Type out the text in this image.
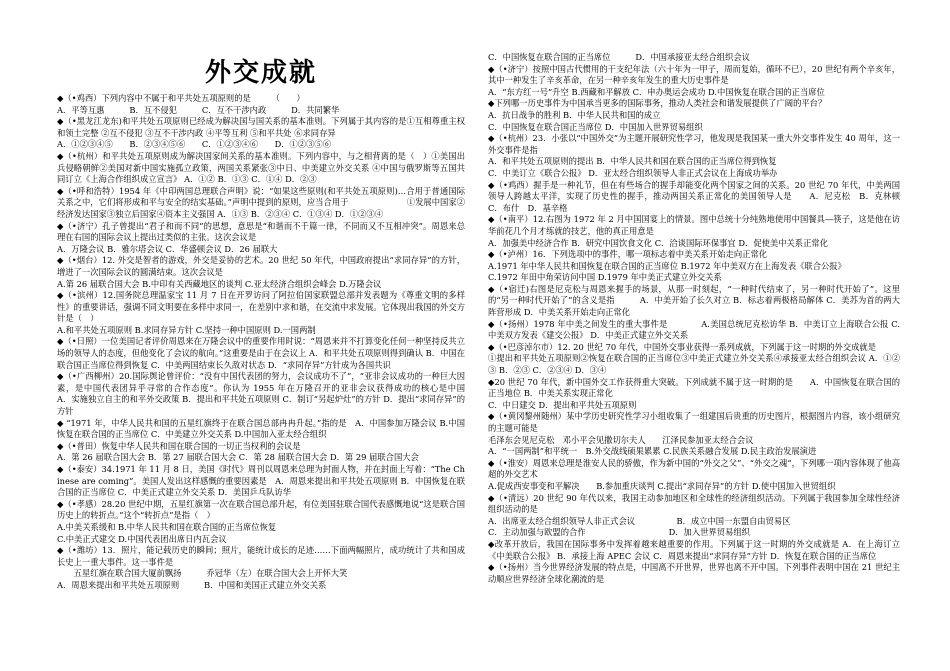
外交成就

◆（•鸡西）下列内容中不属于和平共处五项原则的是　　　（　　）

A．平等互惠　　　B．互不侵犯　　　C．互不干涉内政　　　D．共同繁华

◆（•黑龙江龙东)和平共处五项原则已经成为解决国与国关系的基本准则。下列属于其内容的是①互相尊重主权和领土完整 ②互不侵犯 ③互不干涉内政 ④平等互利 ⑤和平共处 ⑥求同存异

A．①②③④⑤　　B．②③④⑤⑥　　C．①②③④⑥　　D．①②③⑤⑥

◆（•杭州）和平共处五项原则成为解决国家间关系的基本准则。下列内容中，与之相背离的是（　）①美国出兵侵略朝鲜②美国对新中国实施孤立政策，两国关系紧张③中日、中美建立外交关系 ④中国与俄罗斯等五国共同订立《上海合作组织成立宣言》 A．①② B．①③ C．①④ D．②③

◆（•呼和浩特）1954 年《中印两国总理联合声明》说：“如果这些原则(和平共处五项原则)…合用于普通国际关系之中，它们将形成和平与安全的结实基础。”声明中提到的原则，应当合用于　　　　　　　①发展中国家②经济发达国家③独立后国家④资本主义强国 A．①③ B．②③④ C．①③④ D．①②③④

◆（•济宁）孔子曾提出“君子和而不同”的思想，意思是“和谐而不千篇一律，不同而又不互相冲突”。周恩来总理在右国的国际会议上提出过类似的主张。这次会议是

A．万隆会议 B．雅尔塔会议 C．华盛顿会议 D．26 届联大

◆（•烟台）12. 外交是智者的游戏，外交是妥协的艺术。20 世纪 50 年代，中国政府提出“求同存异”的方针，增进了一次国际会议的圆满结束。这次会议是

A.第 26 届联合国大会 B.中印有关西藏地区的谈判 C.亚太经济合组织会峰会 D.万隆会议

◆（•滨州）12.国务院总理温家宝 11 月 7 日在开罗访问了阿拉伯国家联盟总部并发表题为《尊重文明的多样性》的重要讲话，强调不同文明要在多样中求同一，在差别中求和谐，在交流中求发展。它体现出我国的外交方针是（　）

A.和平共处五项原则 B.求同存异方针 C.坚持一种中国原则 D.一国两制

◆（•日照）一位美国记者评价周恩来在万隆会议中的重要作用时说：“周恩来并不打算变化任何一种坚持反共立场的领导人的态度，但他变化了会议的航向。”这重要是由于在会议上 A．和平共处五项原则得到确认 B．中国在联合国正当席位得到恢复 C．中美两国结束长久敌对状态 D．“求同存异”方针成为各国共识

◆（•广西柳州）20.国际舆论曾评价：“没有中国代表团的努力，会议成功不了”，“亚非会议成功的一种巨大因素，是中国代表团异乎寻常的合作态度”。你认为 1955 年在万隆召开的亚非会议获得成功的核心是中国　　A．实施独立自主的和平外交政策 B．提出和平共处五项原则 C．制订“另起炉灶”的方针 D．提出“求同存异”的方针

◆ “1971 年，中华人民共和国的五星红旗终于在联合国总部冉冉升起。”指的是　A．中国参加万隆会议 B.中国恢复在联合国的正当席位 C．中美建立外交关系 D.中国加入亚太经合组织

◆（•普田）恢复中华人民共和国在联合国的一切正当权利的会议是

A．第 26 届联合国大会 B．第 27 届联合国大会 C．第 28 届联合国大会 D．第 29 届联合国大会

◆（•泰安）34.1971 年 11 月 8 日，美国《时代》周刊以周恩来总理为封面人物，并在封面上写着：“The Chinese are coming”。美国人发出这样感慨的重要因素是　A．周恩来提出和平共处五项原则 B．中国恢复在联合国的正当席位 C．中美正式建立外交关系 D．美国乒乓队访华

◆（•孝感）28.20 世纪中期，五星红旗第一次在联合国总部升起，有位美国驻联合国代表感慨地说“这是联合国历史上的转折点。”这个“转折点”是指（　）

A.中美关系缓和 B.中华人民共和国在联合国的正当席位恢复

C.中美正式建交 D.中国代表团出席日内瓦会议

◆（•潍坊）13．照片，能记载历史的瞬间；照片，能统计成长的足迹……下面两幅照片，成功统计了共和国成长史上一重大事件。这一事件是

　　五星红旗在联合国大厦前飘扬　　　乔冠华（左）在联合国大会上开怀大笑

A．周恩来提出和平共处五项原则　　　B．中国和美国正式建立外交关系

C．中国恢复在联合国的正当席位　　　D．中国承接亚太经合组织会议

◆（•济宁）按照中国古代惯用的干支纪年法（六十年为一甲子，周而复始，循环不已），20 世纪有两个辛亥年，其中一种发生了辛亥革命，在另一种辛亥年发生的重大历史事件是

A．“东方红一号”升空 B.西藏和平解放 C．申办奥运会成功 D.中国恢复在联合国的正当席位

◆下列哪一历史事件为中国承当更多的国际事务，推动人类社会和谐发展提供了广阔的平台？

A．抗日战争的胜利 B．中华人民共和国的成立

C．中国恢复在联合国正当席位 D．中国加入世界贸易组织

◆（•杭州）23．小张以“中国外交”为主题开展研究性学习，他发现是我国某一重大外交事件发生 40 周年，这一外交事件是指

A．和平共处五项原则的提出 B．中华人民共和国在联合国的正当席位得到恢复

C．中美订立《联合公报》 D．亚太经合组织领导人非正式会议在上海成功举办

◆（•鸡西）握手是一种礼节，但在有些场合的握手却能变化两个国家之间的关系。20 世纪 70 年代，中美两国领导人跨越太平洋，实现了历史性的握手，推动两国关系正常化的美国领导人是　　A．尼克松　B．克林顿　C．布什　D．基辛格

◆（•南平）12.右图为 1972 年 2 月中国国宴上的情景。图中总统十分纯熟地使用中国餐具—筷子，这是他在访华前花几个月才练就的技艺，他的真正用意是

A．加强美中经济合作 B．研究中国饮食文化 C．洽谈国际环保事宜 D．促使美中关系正常化

◆（•泸州）16．下列选项中的事件，哪一项标志着中美关系开始走向正常化

A.1971 年中华人民共和国恢复在联合国的正当席位 B.1972 年中美双方在上海发表《联合公报》

C.1972 年田中角荣访问中国 D.1979 年中美正式建立外交关系

◆（•宿迁)右图是尼克松与周恩来握手的场景，从那一时刻起，“一种时代结束了，另一种时代开始了”。这里的“另一种时代开始了”的含义是指　　　A．中美开始了长久对立 B．标志着两极格局解体 C．美苏为首的两大阵营形成 D．中美关系开始走向正常化

◆（•扬州）1978 年中美之间发生的重大事件是　　　　A.美国总统尼克松访华 B．中美订立上海联合公报 C.中美双方发表《建交公报》 D．中美正式建立外交关系

◆（•巴彦淖尔市）12. 20 世纪 70 年代，中国外交事业获得一系列成就，下列属于这一时期的外交成就是

①提出和平共处五项原则②恢复在联合国的正当席位③中美正式建立外交关系④承接亚太经合组织会议 A．①②③ B．②③ C．②③④ D．③④

◆20 世纪 70 年代，新中国外交工作获得重大突破。下列成就不属于这一时期的是　　A．中国恢复在联合国的正当地位 B．中美关系实现正常化

C．中日建交 D．提出和平共处五项原则

◆（•黄冈黎州随州）某中学历史研究性学习小组收集了一组建国后贵重的历史图片，根据图片内容，该小组研究的主题可能是

毛泽东会见尼克松　邓小平会见撒切尔夫人　　江泽民参加亚太经合会议

A．“一国两制”和平统一　B.外交战线硕果累累 C.民族关系融合发展 D.民主政治发展演进

◆（•淮安）周恩来总理是淮安人民的骄傲，作为新中国的“外交之父”、“外交之魂”，下列哪一项内容体现了他高超的外交艺术

A.促成西安事变和平解决　　B.参加重庆谈判 C.提出“求同存异”的方针 D.使中国加入世贸组织

◆（•清远）20 世纪 90 年代以来，我国主动参加地区和全球性的经济组织活动。下列属于我国参加全球性经济组织活动的是

A．出席亚太经合组织领导人非正式会议　　　　　B．成立中国一东盟自由贸易区

C．主动加强与欧盟的合作　　　　　　　　　　D．加入世界贸易组织

◆改革开放后，我国在国际事务中发挥着越来越重要的作用。下列属于这一时期的外交成就是 A．在上海订立《中美联合公报》 B．承接上海 APEC 会议 C．周恩来提出“求同存异”方针 D．恢复在联合国的正当席位

◆（•扬州）当今世界经济发展的特点是，中国离不开世界，世界也离不开中国。下列事件表明中国在 21 世纪主动顺应世界经济全球化潮流的是
